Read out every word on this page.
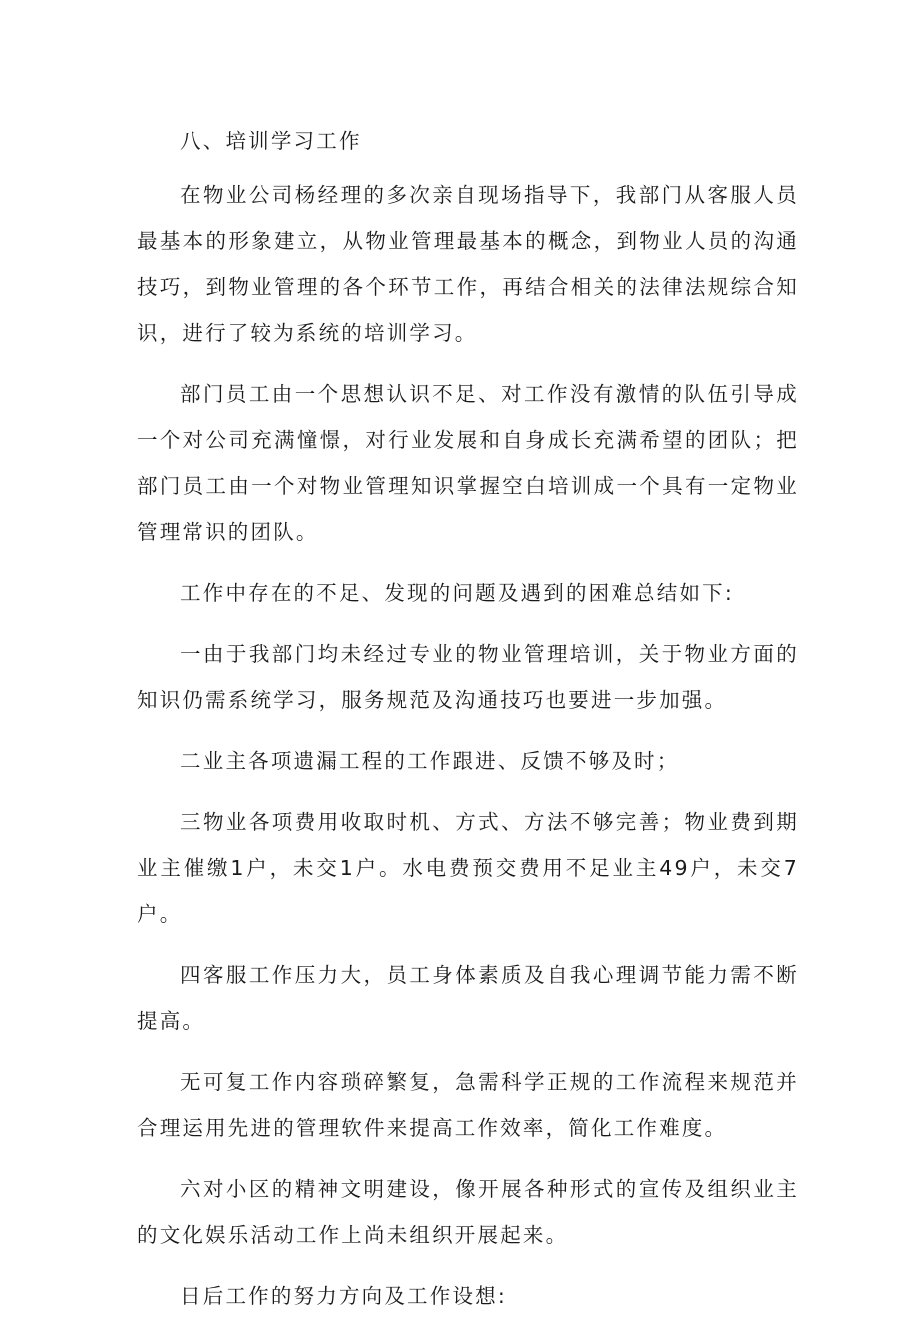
八、培训学习工作

在物业公司杨经理的多次亲自现场指导下，我部门从客服人员最基本的形象建立，从物业管理最基本的概念，到物业人员的沟通技巧，到物业管理的各个环节工作，再结合相关的法律法规综合知识，进行了较为系统的培训学习。

部门员工由一个思想认识不足、对工作没有激情的队伍引导成一个对公司充满憧憬，对行业发展和自身成长充满希望的团队；把部门员工由一个对物业管理知识掌握空白培训成一个具有一定物业管理常识的团队。

工作中存在的不足、发现的问题及遇到的困难总结如下:

一由于我部门均未经过专业的物业管理培训，关于物业方面的知识仍需系统学习，服务规范及沟通技巧也要进一步加强。

二业主各项遗漏工程的工作跟进、反馈不够及时；

三物业各项费用收取时机、方式、方法不够完善；物业费到期业主催缴1户，未交1户。水电费预交费用不足业主49户，未交7户。

四客服工作压力大，员工身体素质及自我心理调节能力需不断提高。

无可复工作内容琐碎繁复，急需科学正规的工作流程来规范并合理运用先进的管理软件来提高工作效率，简化工作难度。

六对小区的精神文明建设，像开展各种形式的宣传及组织业主的文化娱乐活动工作上尚未组织开展起来。

日后工作的努力方向及工作设想:
